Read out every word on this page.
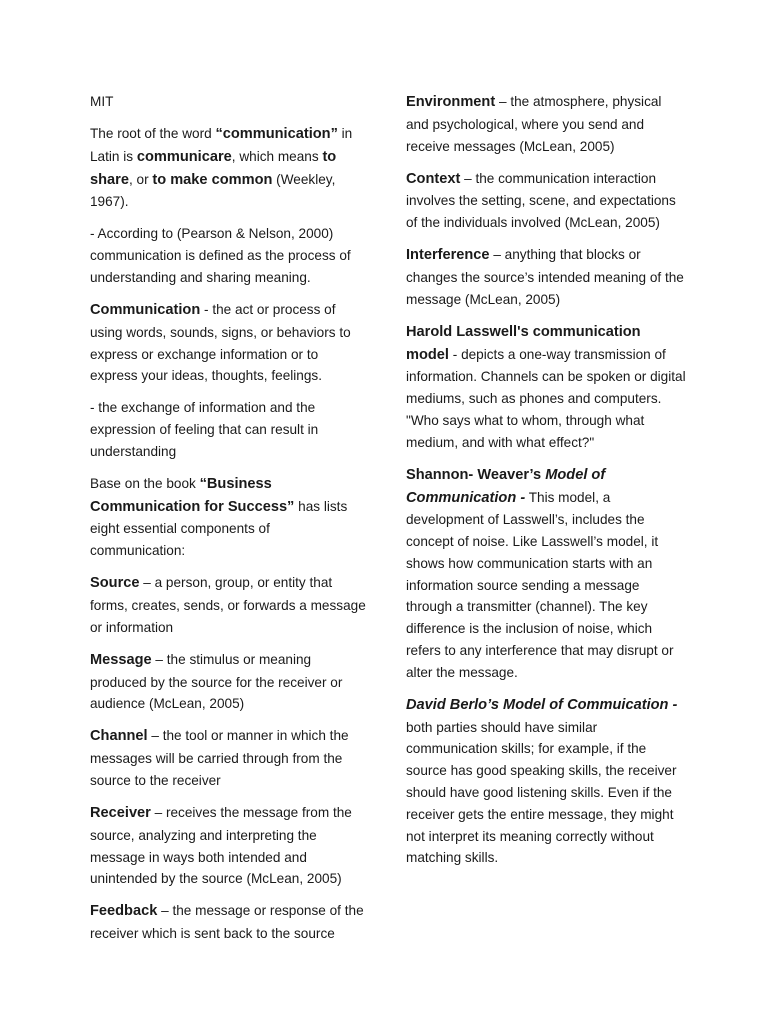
MIT

The root of the word “communication” in Latin is communicare, which means to share, or to make common (Weekley, 1967).

- According to (Pearson & Nelson, 2000) communication is defined as the process of understanding and sharing meaning.

Communication - the act or process of using words, sounds, signs, or behaviors to express or exchange information or to express your ideas, thoughts, feelings.

- the exchange of information and the expression of feeling that can result in understanding

Base on the book “Business Communication for Success” has lists eight essential components of communication:

Source – a person, group, or entity that forms, creates, sends, or forwards a message or information

Message – the stimulus or meaning produced by the source for the receiver or audience (McLean, 2005)

Channel – the tool or manner in which the messages will be carried through from the source to the receiver

Receiver – receives the message from the source, analyzing and interpreting the message in ways both intended and unintended by the source (McLean, 2005)

Feedback – the message or response of the receiver which is sent back to the source

Environment – the atmosphere, physical and psychological, where you send and receive messages (McLean, 2005)

Context – the communication interaction involves the setting, scene, and expectations of the individuals involved (McLean, 2005)

Interference – anything that blocks or changes the source’s intended meaning of the message (McLean, 2005)

Harold Lasswell's communication model - depicts a one-way transmission of information. Channels can be spoken or digital mediums, such as phones and computers. "Who says what to whom, through what medium, and with what effect?"

Shannon- Weaver’s Model of Communication - This model, a development of Lasswell’s, includes the concept of noise. Like Lasswell’s model, it shows how communication starts with an information source sending a message through a transmitter (channel). The key difference is the inclusion of noise, which refers to any interference that may disrupt or alter the message.

David Berlo’s Model of Commuication - both parties should have similar communication skills; for example, if the source has good speaking skills, the receiver should have good listening skills. Even if the receiver gets the entire message, they might not interpret its meaning correctly without matching skills.
